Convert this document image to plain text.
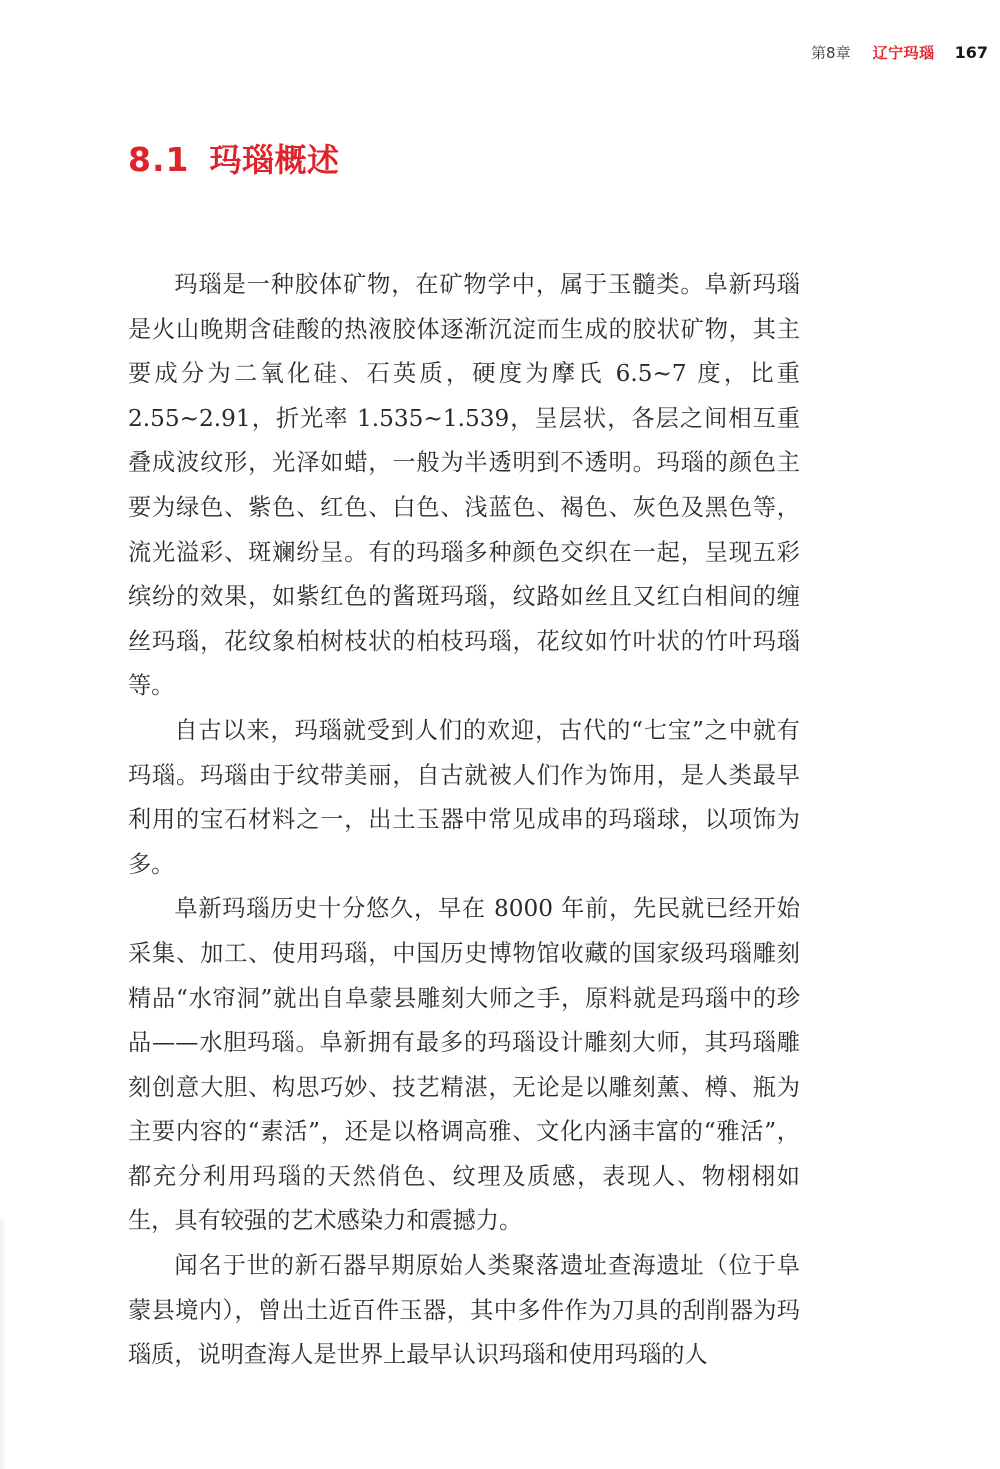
第8章 辽宁玛瑙 167
8.1 玛瑙概述

玛瑙是一种胶体矿物，在矿物学中，属于玉髓类。阜新玛瑙是火山晚期含硅酸的热液胶体逐渐沉淀而生成的胶状矿物，其主要成分为二氧化硅、石英质，硬度为摩氏 6.5~7 度，比重 2.55~2.91，折光率 1.535~1.539，呈层状，各层之间相互重叠成波纹形，光泽如蜡，一般为半透明到不透明。玛瑙的颜色主要为绿色、紫色、红色、白色、浅蓝色、褐色、灰色及黑色等，流光溢彩、斑斓纷呈。有的玛瑙多种颜色交织在一起，呈现五彩缤纷的效果，如紫红色的酱斑玛瑙，纹路如丝且又红白相间的缠丝玛瑙，花纹象柏树枝状的柏枝玛瑙，花纹如竹叶状的竹叶玛瑙等。

自古以来，玛瑙就受到人们的欢迎，古代的“七宝”之中就有玛瑙。玛瑙由于纹带美丽，自古就被人们作为饰用，是人类最早利用的宝石材料之一，出土玉器中常见成串的玛瑙球，以项饰为多。

阜新玛瑙历史十分悠久，早在 8000 年前，先民就已经开始采集、加工、使用玛瑙，中国历史博物馆收藏的国家级玛瑙雕刻精品“水帘洞”就出自阜蒙县雕刻大师之手，原料就是玛瑙中的珍品——水胆玛瑙。阜新拥有最多的玛瑙设计雕刻大师，其玛瑙雕刻创意大胆、构思巧妙、技艺精湛，无论是以雕刻薰、樽、瓶为主要内容的“素活”，还是以格调高雅、文化内涵丰富的“雅活”，都充分利用玛瑙的天然俏色、纹理及质感，表现人、物栩栩如生，具有较强的艺术感染力和震撼力。

闻名于世的新石器早期原始人类聚落遗址查海遗址（位于阜蒙县境内），曾出土近百件玉器，其中多件作为刀具的刮削器为玛瑙质，说明查海人是世界上最早认识玛瑙和使用玛瑙的人
